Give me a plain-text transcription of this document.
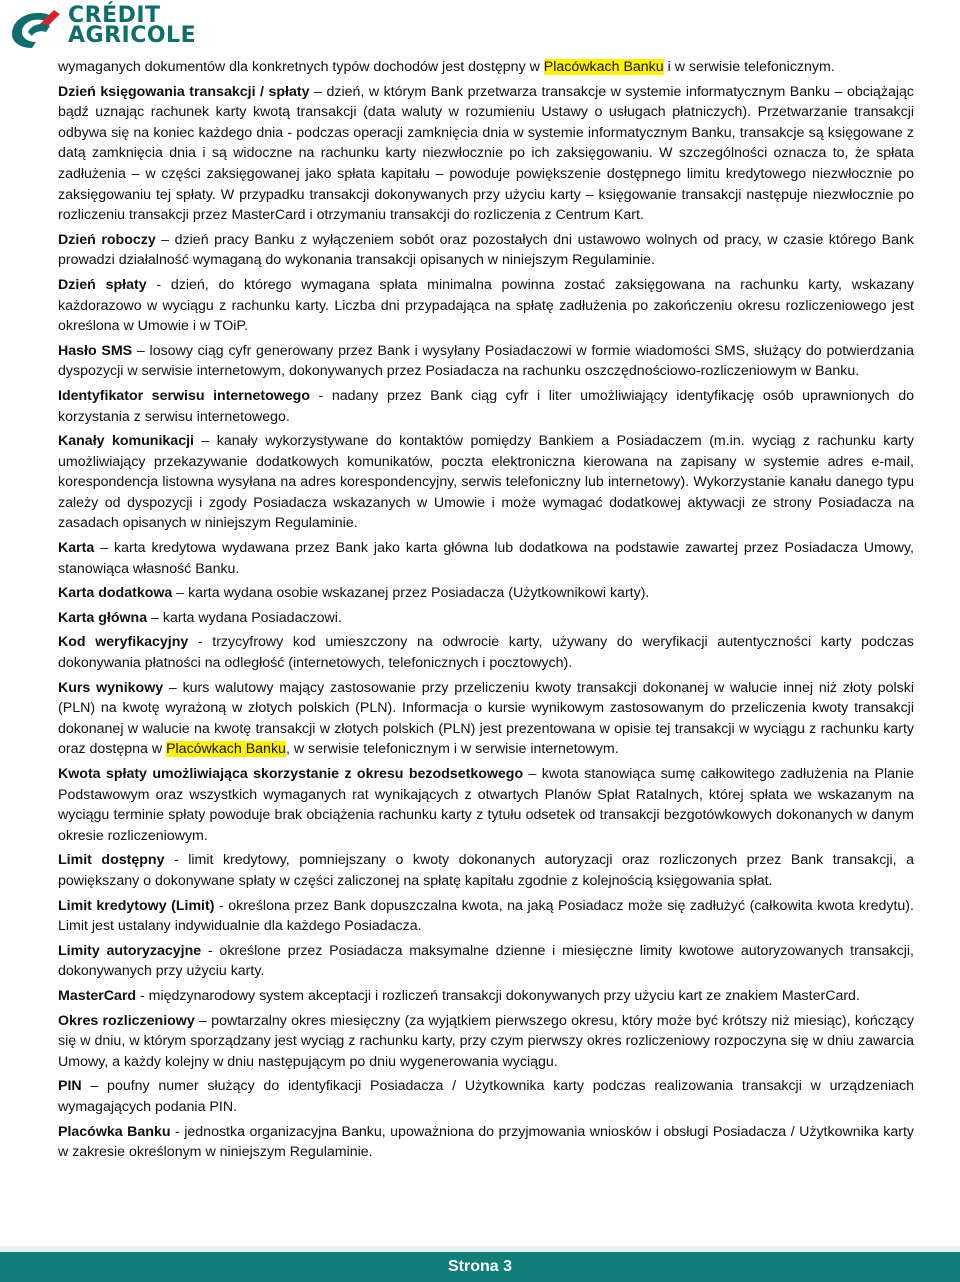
CRÉDIT
AGRICOLE

wymaganych dokumentów dla konkretnych typów dochodów jest dostępny w Placówkach Banku i w serwisie telefonicznym.

Dzień księgowania transakcji / spłaty – dzień, w którym Bank przetwarza transakcje w systemie informatycznym Banku – obciążając bądź uznając rachunek karty kwotą transakcji (data waluty w rozumieniu Ustawy o usługach płatniczych). Przetwarzanie transakcji odbywa się na koniec każdego dnia - podczas operacji zamknięcia dnia w systemie informatycznym Banku, transakcje są księgowane z datą zamknięcia dnia i są widoczne na rachunku karty niezwłocznie po ich zaksięgowaniu. W szczególności oznacza to, że spłata zadłużenia – w części zaksięgowanej jako spłata kapitału – powoduje powiększenie dostępnego limitu kredytowego niezwłocznie po zaksięgowaniu tej spłaty. W przypadku transakcji dokonywanych przy użyciu karty – księgowanie transakcji następuje niezwłocznie po rozliczeniu transakcji przez MasterCard i otrzymaniu transakcji do rozliczenia z Centrum Kart.

Dzień roboczy – dzień pracy Banku z wyłączeniem sobót oraz pozostałych dni ustawowo wolnych od pracy, w czasie którego Bank prowadzi działalność wymaganą do wykonania transakcji opisanych w niniejszym Regulaminie.

Dzień spłaty - dzień, do którego wymagana spłata minimalna powinna zostać zaksięgowana na rachunku karty, wskazany każdorazowo w wyciągu z rachunku karty. Liczba dni przypadająca na spłatę zadłużenia po zakończeniu okresu rozliczeniowego jest określona w Umowie i w TOiP.

Hasło SMS – losowy ciąg cyfr generowany przez Bank i wysyłany Posiadaczowi w formie wiadomości SMS, służący do potwierdzania dyspozycji w serwisie internetowym, dokonywanych przez Posiadacza na rachunku oszczędnościowo-rozliczeniowym w Banku.

Identyfikator serwisu internetowego - nadany przez Bank ciąg cyfr i liter umożliwiający identyfikację osób uprawnionych do korzystania z serwisu internetowego.

Kanały komunikacji – kanały wykorzystywane do kontaktów pomiędzy Bankiem a Posiadaczem (m.in. wyciąg z rachunku karty umożliwiający przekazywanie dodatkowych komunikatów, poczta elektroniczna kierowana na zapisany w systemie adres e-mail, korespondencja listowna wysyłana na adres korespondencyjny, serwis telefoniczny lub internetowy). Wykorzystanie kanału danego typu zależy od dyspozycji i zgody Posiadacza wskazanych w Umowie i może wymagać dodatkowej aktywacji ze strony Posiadacza na zasadach opisanych w niniejszym Regulaminie.

Karta – karta kredytowa wydawana przez Bank jako karta główna lub dodatkowa na podstawie zawartej przez Posiadacza Umowy, stanowiąca własność Banku.

Karta dodatkowa – karta wydana osobie wskazanej przez Posiadacza (Użytkownikowi karty).

Karta główna – karta wydana Posiadaczowi.

Kod weryfikacyjny - trzycyfrowy kod umieszczony na odwrocie karty, używany do weryfikacji autentyczności karty podczas dokonywania płatności na odległość (internetowych, telefonicznych i pocztowych).

Kurs wynikowy – kurs walutowy mający zastosowanie przy przeliczeniu kwoty transakcji dokonanej w walucie innej niż złoty polski (PLN) na kwotę wyrażoną w złotych polskich (PLN). Informacja o kursie wynikowym zastosowanym do przeliczenia kwoty transakcji dokonanej w walucie na kwotę transakcji w złotych polskich (PLN) jest prezentowana w opisie tej transakcji w wyciągu z rachunku karty oraz dostępna w Placówkach Banku, w serwisie telefonicznym i w serwisie internetowym.

Kwota spłaty umożliwiająca skorzystanie z okresu bezodsetkowego – kwota stanowiąca sumę całkowitego zadłużenia na Planie Podstawowym oraz wszystkich wymaganych rat wynikających z otwartych Planów Spłat Ratalnych, której spłata we wskazanym na wyciągu terminie spłaty powoduje brak obciążenia rachunku karty z tytułu odsetek od transakcji bezgotówkowych dokonanych w danym okresie rozliczeniowym.

Limit dostępny - limit kredytowy, pomniejszany o kwoty dokonanych autoryzacji oraz rozliczonych przez Bank transakcji, a powiększany o dokonywane spłaty w części zaliczonej na spłatę kapitału zgodnie z kolejnością księgowania spłat.

Limit kredytowy (Limit) - określona przez Bank dopuszczalna kwota, na jaką Posiadacz może się zadłużyć (całkowita kwota kredytu). Limit jest ustalany indywidualnie dla każdego Posiadacza.

Limity autoryzacyjne - określone przez Posiadacza maksymalne dzienne i miesięczne limity kwotowe autoryzowanych transakcji, dokonywanych przy użyciu karty.

MasterCard - międzynarodowy system akceptacji i rozliczeń transakcji dokonywanych przy użyciu kart ze znakiem MasterCard.

Okres rozliczeniowy – powtarzalny okres miesięczny (za wyjątkiem pierwszego okresu, który może być krótszy niż miesiąc), kończący się w dniu, w którym sporządzany jest wyciąg z rachunku karty, przy czym pierwszy okres rozliczeniowy rozpoczyna się w dniu zawarcia Umowy, a każdy kolejny w dniu następującym po dniu wygenerowania wyciągu.

PIN – poufny numer służący do identyfikacji Posiadacza / Użytkownika karty podczas realizowania transakcji w urządzeniach wymagających podania PIN.

Placówka Banku - jednostka organizacyjna Banku, upoważniona do przyjmowania wniosków i obsługi Posiadacza / Użytkownika karty w zakresie określonym w niniejszym Regulaminie.

Strona 3
